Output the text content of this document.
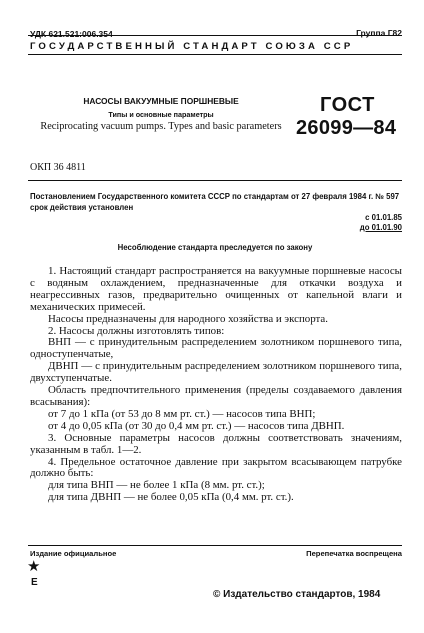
УДК 621.521:006.354	Группа Г82
ГОСУДАРСТВЕННЫЙ СТАНДАРТ СОЮЗА ССР
НАСОСЫ ВАКУУМНЫЕ ПОРШНЕВЫЕ
Типы и основные параметры
Reciprocating vacuum pumps. Types and basic parameters
ГОСТ
26099—84
ОКП 36 4811
Постановлением Государственного комитета СССР по стандартам от 27 февраля 1984 г. № 597 срок действия установлен
с 01.01.85
до 01.01.90
Несоблюдение стандарта преследуется по закону

1. Настоящий стандарт распространяется на вакуумные поршневые насосы с водяным охлаждением, предназначенные для откачки воздуха и неагрессивных газов, предварительно очищенных от капельной влаги и механических примесей.

Насосы предназначены для народного хозяйства и экспорта.

2. Насосы должны изготовлять типов:

ВНП — с принудительным распределением золотником поршневого типа, одноступенчатые,

ДВНП — с принудительным распределением золотником поршневого типа, двухступенчатые.

Область предпочтительного применения (пределы создаваемого давления всасывания):

от 7 до 1 кПа (от 53 до 8 мм рт. ст.) — насосов типа ВНП;

от 4 до 0,05 кПа (от 30 до 0,4 мм рт. ст.) — насосов типа ДВНП.

3. Основные параметры насосов должны соответствовать значениям, указанным в табл. 1—2.

4. Предельное остаточное давление при закрытом всасывающем патрубке должно быть:

для типа ВНП — не более 1 кПа (8 мм. рт. ст.);

для типа ДВНП — не более 0,05 кПа (0,4 мм. рт. ст.).

Издание официальное	Перепечатка воспрещена
★
Е
© Издательство стандартов, 1984
